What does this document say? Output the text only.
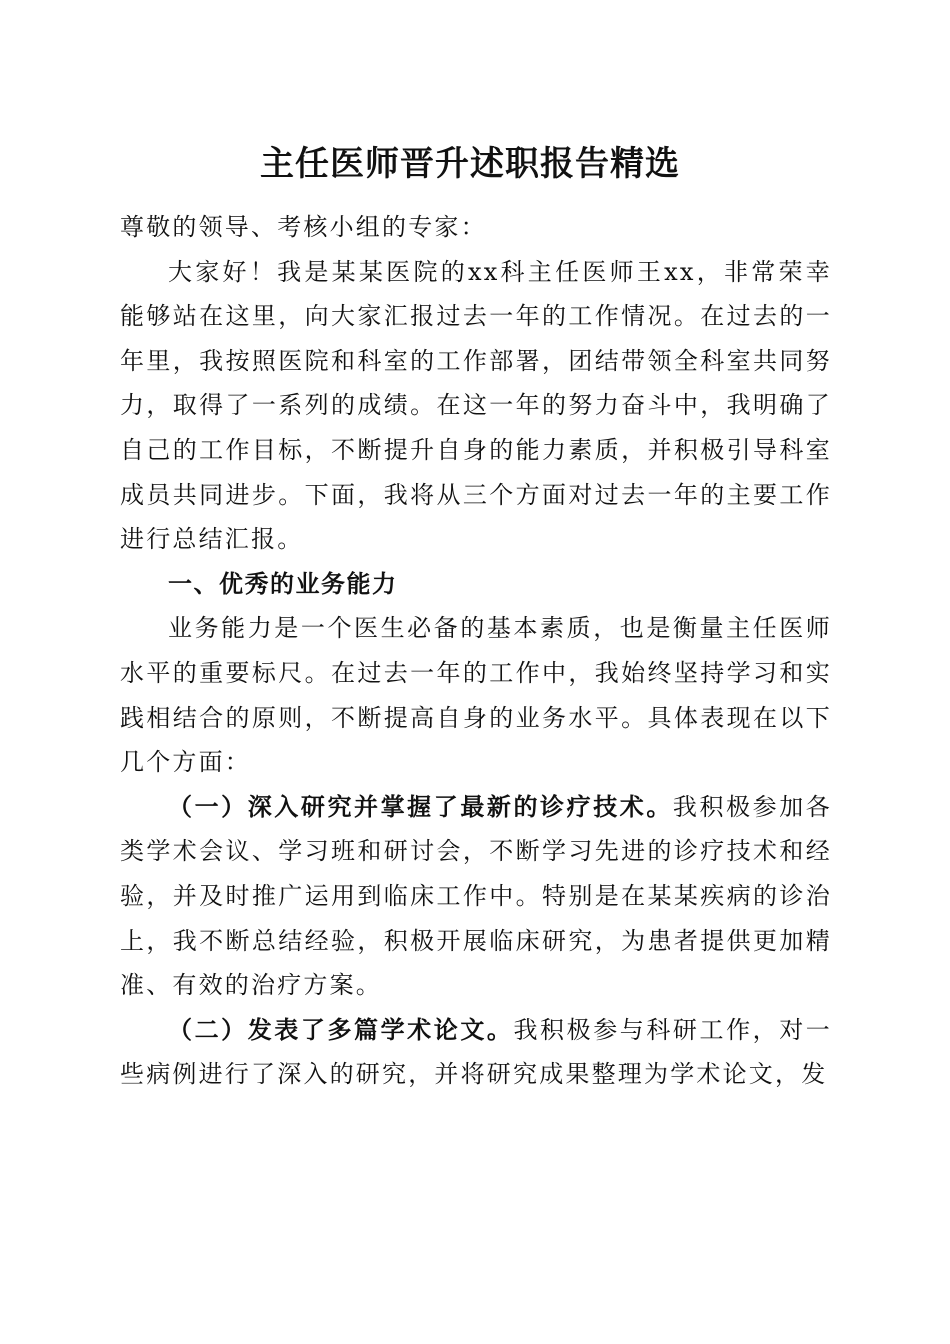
主任医师晋升述职报告精选

尊敬的领导、考核小组的专家：

大家好！我是某某医院的xx科主任医师王xx，非常荣幸能够站在这里，向大家汇报过去一年的工作情况。在过去的一年里，我按照医院和科室的工作部署，团结带领全科室共同努力，取得了一系列的成绩。在这一年的努力奋斗中，我明确了自己的工作目标，不断提升自身的能力素质，并积极引导科室成员共同进步。下面，我将从三个方面对过去一年的主要工作进行总结汇报。

一、优秀的业务能力

业务能力是一个医生必备的基本素质，也是衡量主任医师水平的重要标尺。在过去一年的工作中，我始终坚持学习和实践相结合的原则，不断提高自身的业务水平。具体表现在以下几个方面：

（一）深入研究并掌握了最新的诊疗技术。我积极参加各类学术会议、学习班和研讨会，不断学习先进的诊疗技术和经验，并及时推广运用到临床工作中。特别是在某某疾病的诊治上，我不断总结经验，积极开展临床研究，为患者提供更加精准、有效的治疗方案。

（二）发表了多篇学术论文。我积极参与科研工作，对一些病例进行了深入的研究，并将研究成果整理为学术论文，发
